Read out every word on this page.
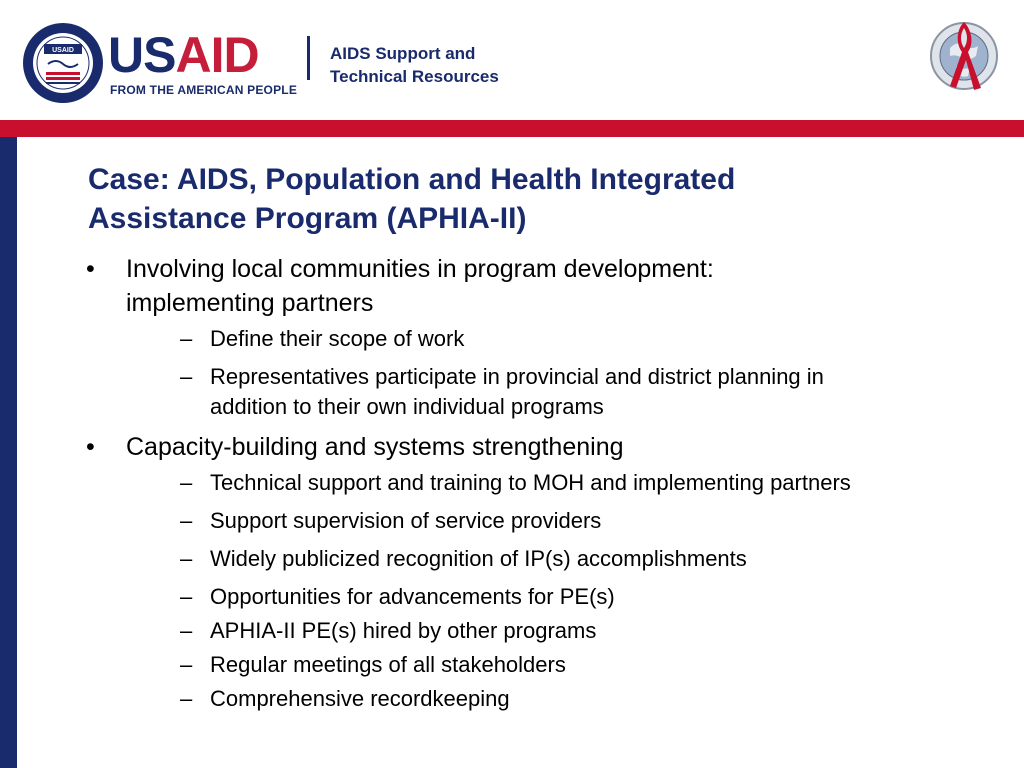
USAID USAID
FROM THE AMERICAN PEOPLE
AIDS Support and
Technical Resources
Case: AIDS, Population and Health Integrated
Assistance Program (APHIA-II)
•	Involving local communities in program development:
implementing partners
– Define their scope of work
– Representatives participate in provincial and district planning in
addition to their own individual programs
•	Capacity-building and systems strengthening
– Technical support and training to MOH and implementing partners
– Support supervision of service providers
– Widely publicized recognition of IP(s) accomplishments
– Opportunities for advancements for PE(s)
– APHIA-II PE(s) hired by other programs
– Regular meetings of all stakeholders
– Comprehensive recordkeeping
